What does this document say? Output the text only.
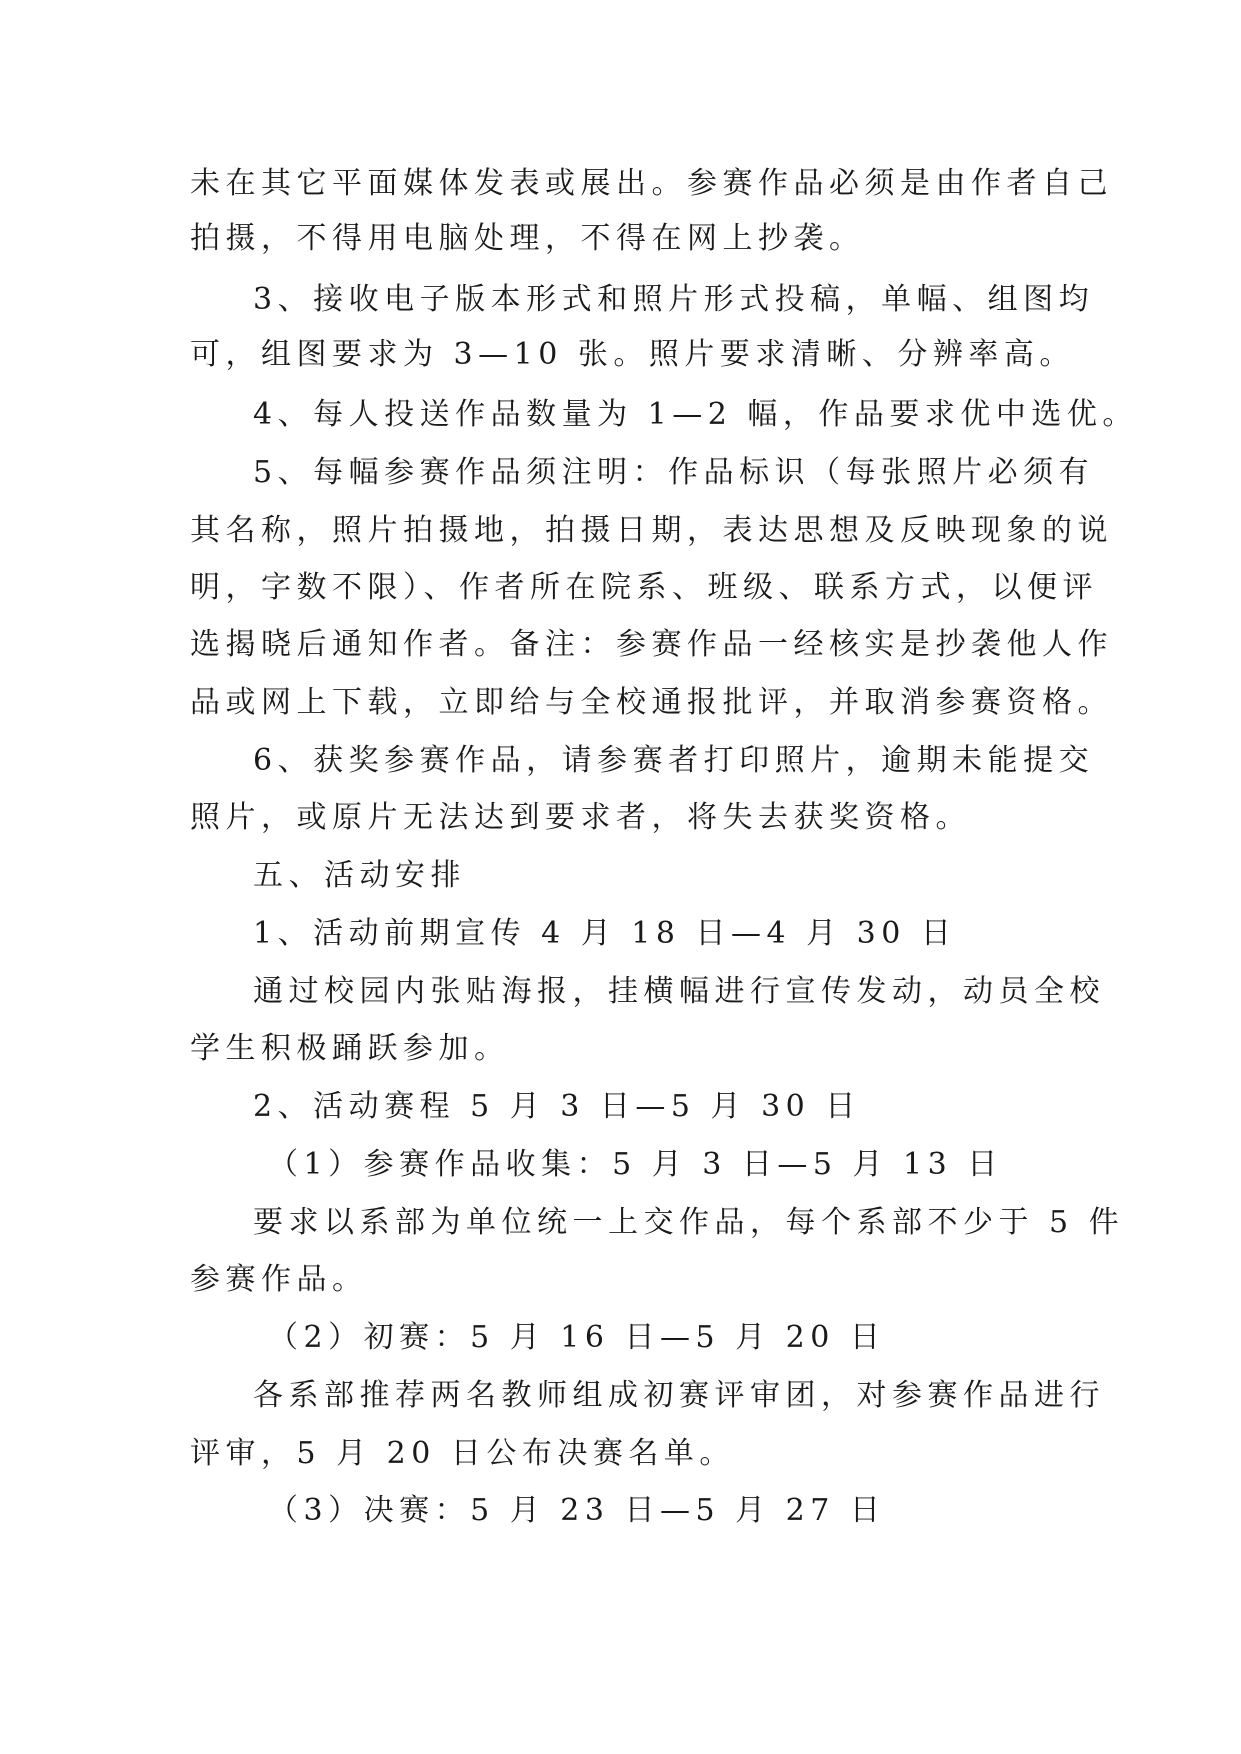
未在其它平面媒体发表或展出。参赛作品必须是由作者自己

拍摄，不得用电脑处理，不得在网上抄袭。

3、接收电子版本形式和照片形式投稿，单幅、组图均

可，组图要求为 3—10 张。照片要求清晰、分辨率高。

4、每人投送作品数量为 1—2 幅，作品要求优中选优。

5、每幅参赛作品须注明：作品标识（每张照片必须有

其名称，照片拍摄地，拍摄日期，表达思想及反映现象的说

明，字数不限）、作者所在院系、班级、联系方式，以便评

选揭晓后通知作者。备注：参赛作品一经核实是抄袭他人作

品或网上下载，立即给与全校通报批评，并取消参赛资格。

6、获奖参赛作品，请参赛者打印照片，逾期未能提交

照片，或原片无法达到要求者，将失去获奖资格。

五、活动安排

1、活动前期宣传 4 月 18 日—4 月 30 日

通过校园内张贴海报，挂横幅进行宣传发动，动员全校

学生积极踊跃参加。

2、活动赛程 5 月 3 日—5 月 30 日

（1）参赛作品收集：5 月 3 日—5 月 13 日

要求以系部为单位统一上交作品，每个系部不少于 5 件

参赛作品。

（2）初赛：5 月 16 日—5 月 20 日

各系部推荐两名教师组成初赛评审团，对参赛作品进行

评审，5 月 20 日公布决赛名单。

（3）决赛：5 月 23 日—5 月 27 日
